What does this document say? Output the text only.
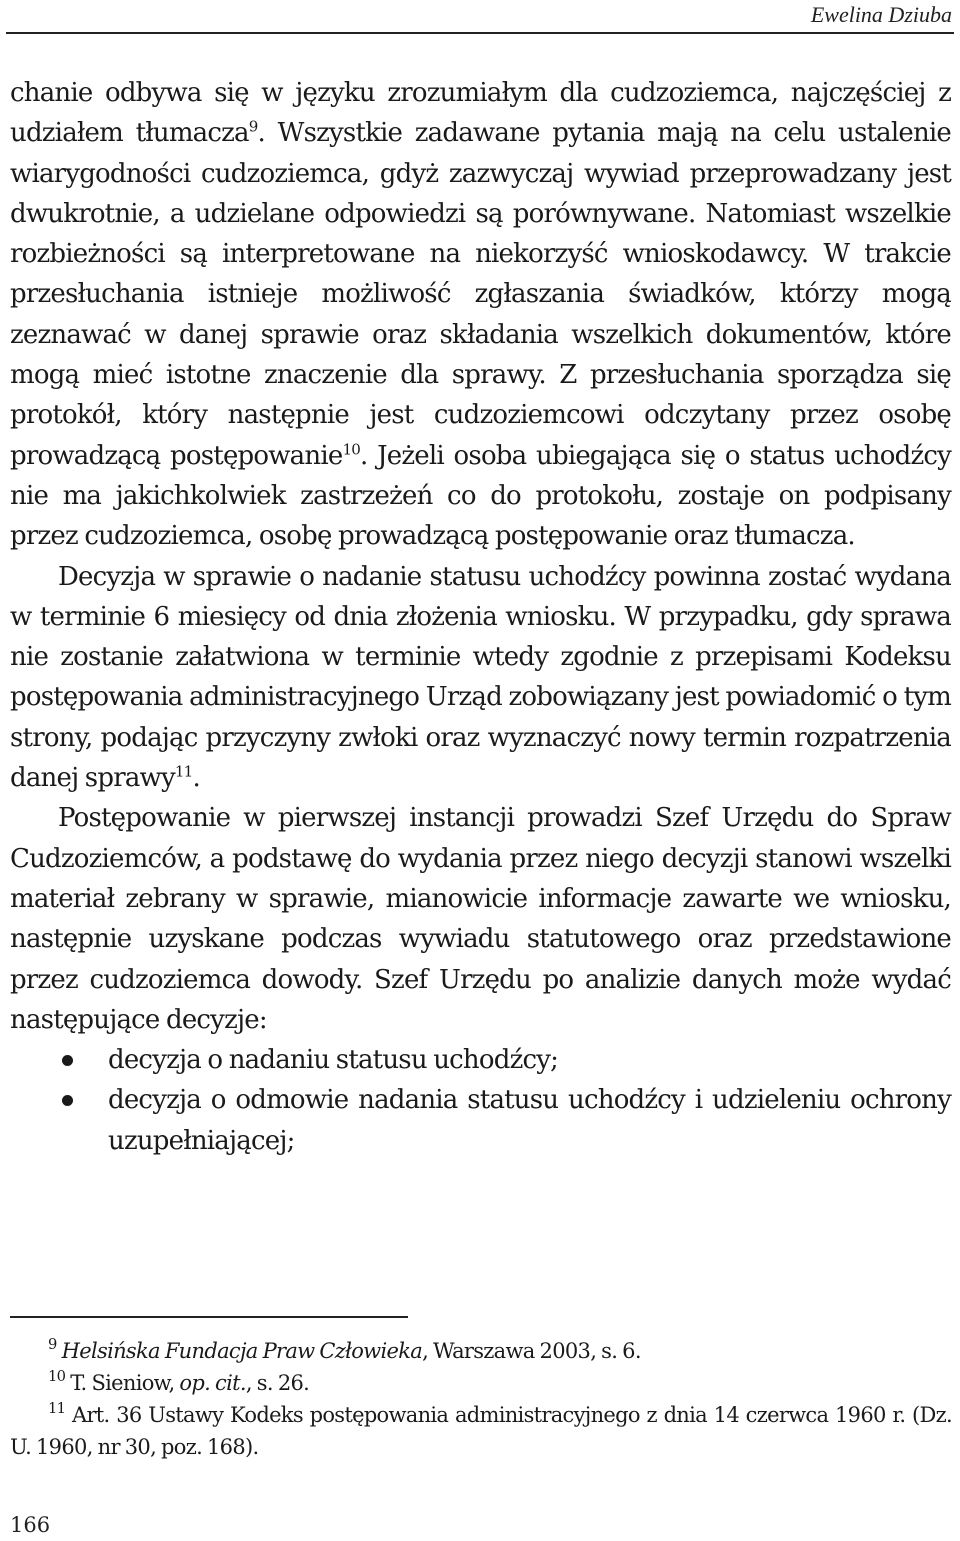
Ewelina Dziuba

chanie odbywa się w języku zrozumiałym dla cudzoziemca, najczęściej z udziałem tłumacza$^9$. Wszystkie zadawane pytania mają na celu ustalenie wiarygodności cudzoziemca, gdyż zazwyczaj wywiad przeprowadzany jest dwukrotnie, a udzielane odpowiedzi są porównywane. Natomiast wszelkie rozbieżności są interpretowane na niekorzyść wnioskodawcy. W trakcie przesłuchania istnieje możliwość zgłaszania świadków, którzy mogą zeznawać w danej sprawie oraz składania wszelkich dokumentów, które mogą mieć istotne znaczenie dla sprawy. Z przesłuchania sporządza się protokół, który następnie jest cudzoziemcowi odczytany przez osobę prowadzącą postępowanie$^{10}$. Jeżeli osoba ubiegająca się o status uchodźcy nie ma jakichkolwiek zastrzeżeń co do protokołu, zostaje on podpisany przez cudzoziemca, osobę prowadzącą postępowanie oraz tłumacza.

Decyzja w sprawie o nadanie statusu uchodźcy powinna zostać wydana w terminie 6 miesięcy od dnia złożenia wniosku. W przypadku, gdy sprawa nie zostanie załatwiona w terminie wtedy zgodnie z przepisami Kodeksu postępowania administracyjnego Urząd zobowiązany jest powiadomić o tym strony, podając przyczyny zwłoki oraz wyznaczyć nowy termin rozpatrzenia danej sprawy$^{11}$.

Postępowanie w pierwszej instancji prowadzi Szef Urzędu do Spraw Cudzoziemców, a podstawę do wydania przez niego decyzji stanowi wszelki materiał zebrany w sprawie, mianowicie informacje zawarte we wniosku, następnie uzyskane podczas wywiadu statutowego oraz przedstawione przez cudzoziemca dowody. Szef Urzędu po analizie danych może wydać następujące decyzje:

decyzja o nadaniu statusu uchodźcy;
decyzja o odmowie nadania statusu uchodźcy i udzieleniu ochrony uzupełniającej;

$^9$ Helsińska Fundacja Praw Człowieka, Warszawa 2003, s. 6.

$^{10}$ T. Sieniow, op. cit., s. 26.

$^{11}$ Art. 36 Ustawy Kodeks postępowania administracyjnego z dnia 14 czerwca 1960 r. (Dz. U. 1960, nr 30, poz. 168).

166
